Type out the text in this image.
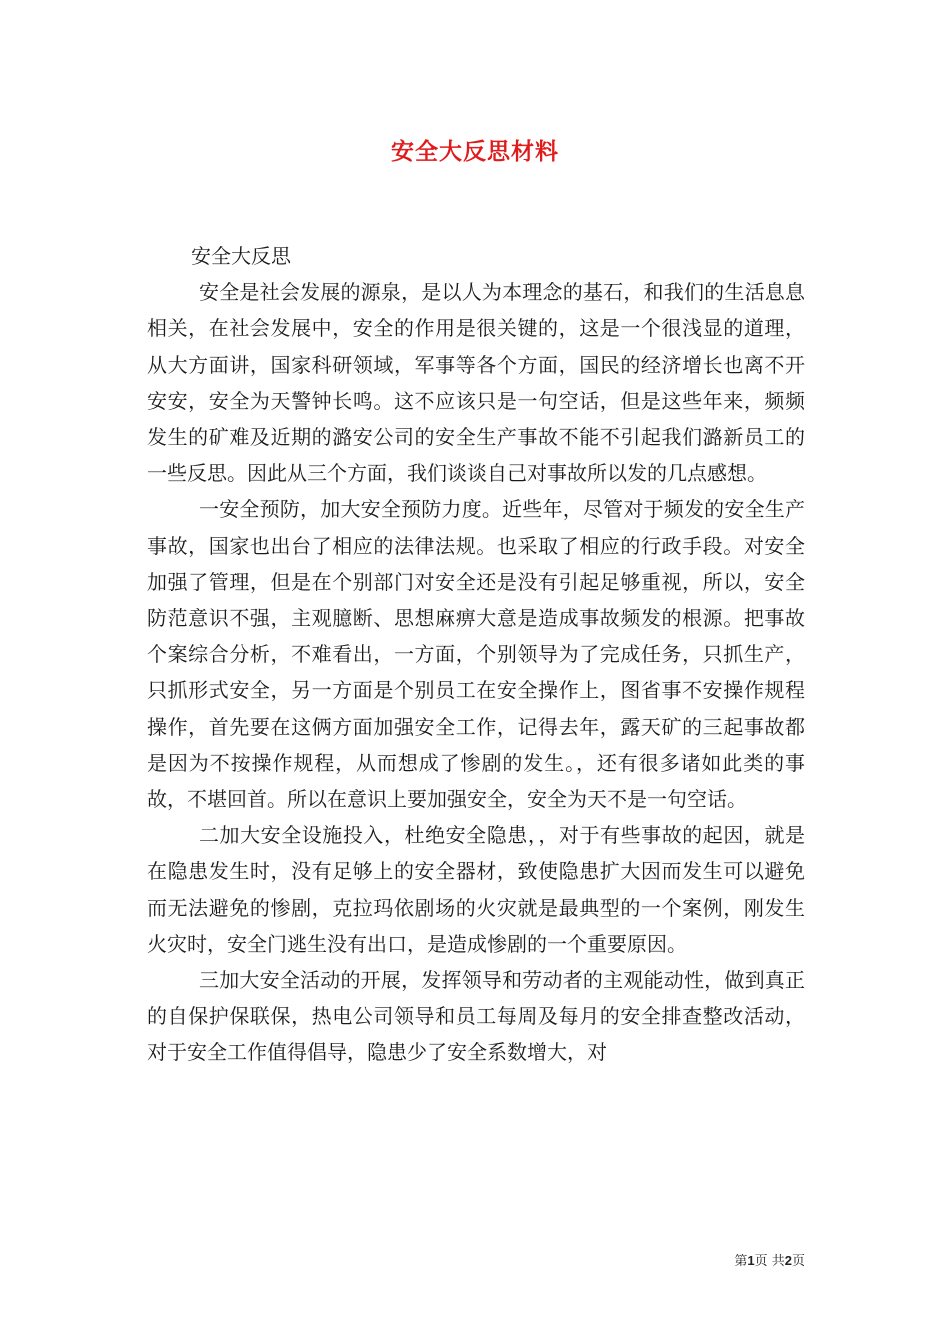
安全大反思材料

安全大反思

安全是社会发展的源泉，是以人为本理念的基石，和我们的生活息息相关，在社会发展中，安全的作用是很关键的，这是一个很浅显的道理，从大方面讲，国家科研领域，军事等各个方面，国民的经济增长也离不开安安，安全为天警钟长鸣。这不应该只是一句空话，但是这些年来，频频发生的矿难及近期的潞安公司的安全生产事故不能不引起我们潞新员工的一些反思。因此从三个方面，我们谈谈自己对事故所以发的几点感想。

一安全预防，加大安全预防力度。近些年，尽管对于频发的安全生产事故，国家也出台了相应的法律法规。也采取了相应的行政手段。对安全加强了管理，但是在个别部门对安全还是没有引起足够重视，所以，安全防范意识不强，主观臆断、思想麻痹大意是造成事故频发的根源。把事故个案综合分析，不难看出，一方面，个别领导为了完成任务，只抓生产，只抓形式安全，另一方面是个别员工在安全操作上，图省事不安操作规程操作，首先要在这俩方面加强安全工作，记得去年，露天矿的三起事故都是因为不按操作规程，从而想成了惨剧的发生。，还有很多诸如此类的事故，不堪回首。所以在意识上要加强安全，安全为天不是一句空话。

二加大安全设施投入，杜绝安全隐患，，对于有些事故的起因，就是在隐患发生时，没有足够上的安全器材，致使隐患扩大因而发生可以避免而无法避免的惨剧，克拉玛依剧场的火灾就是最典型的一个案例，刚发生火灾时，安全门逃生没有出口，是造成惨剧的一个重要原因。

三加大安全活动的开展，发挥领导和劳动者的主观能动性，做到真正的自保护保联保，热电公司领导和员工每周及每月的安全排查整改活动，对于安全工作值得倡导，隐患少了安全系数增大，对

第1页 共2页
